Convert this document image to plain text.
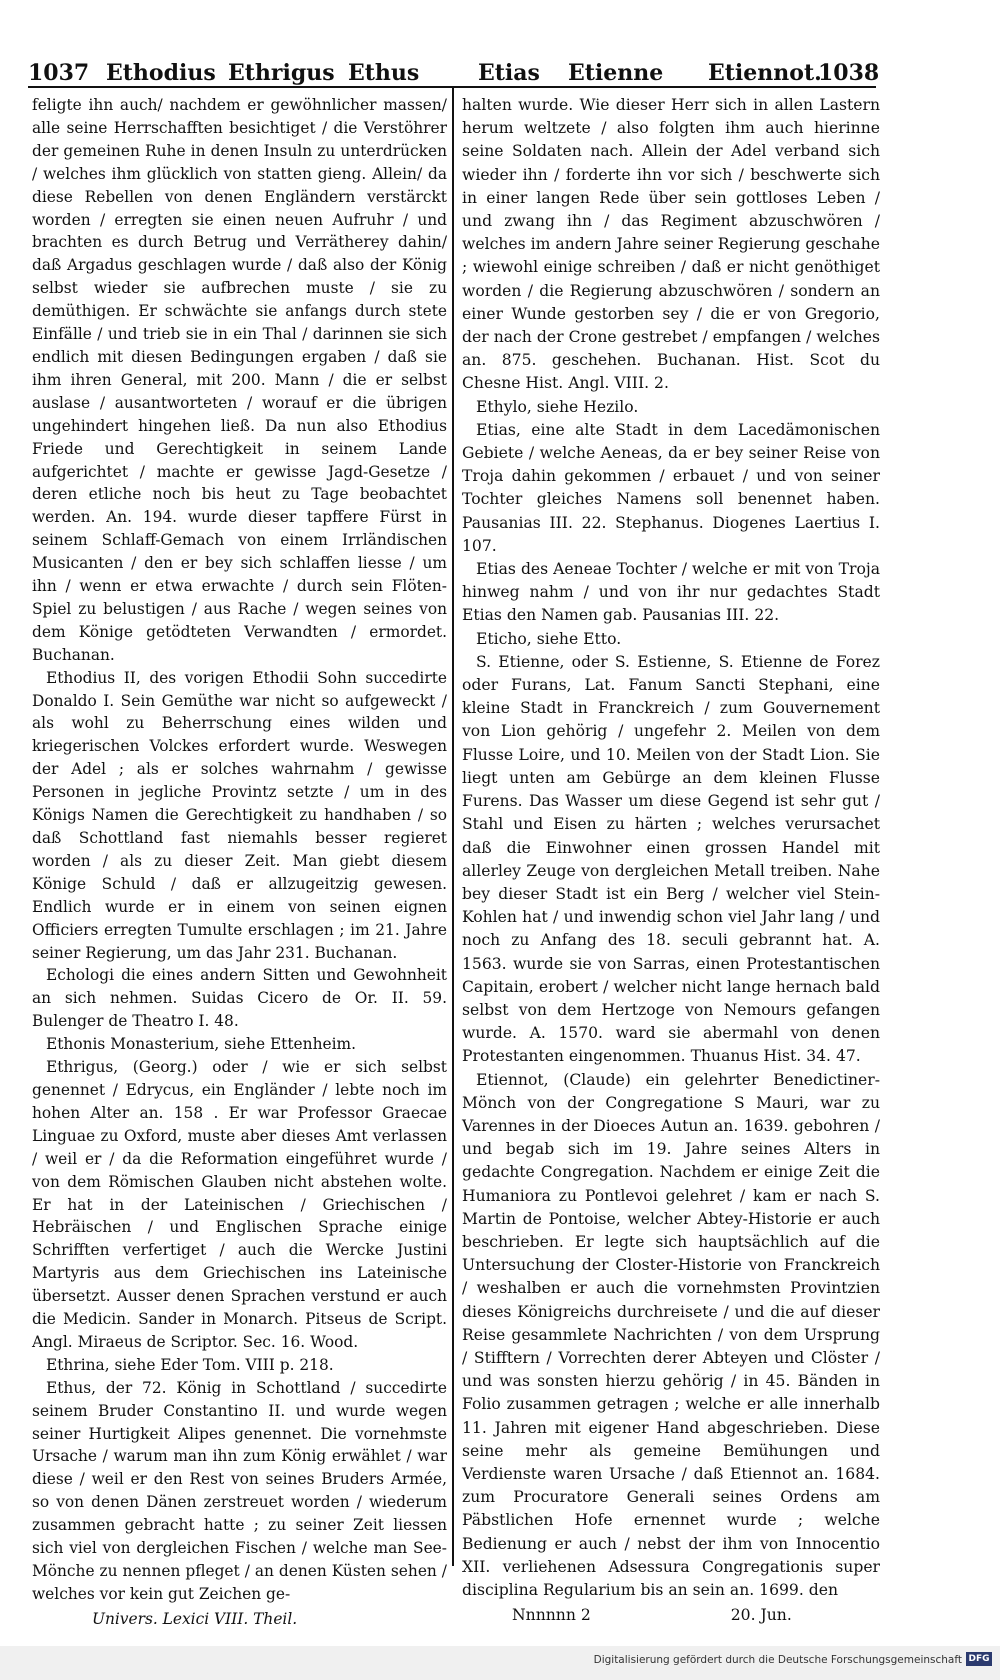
1037 Ethodius Ethrigus Ethus	Etias Etienne Etiennot.
1038

feligte ihn auch/ nachdem er gewöhnlicher massen/ alle seine Herrschafften besichtiget / die Verstöhrer der gemeinen Ruhe in denen Insuln zu unterdrücken / welches ihm glücklich von statten gieng. Allein/ da diese Rebellen von denen Engländern verstärckt worden / erregten sie einen neuen Aufruhr / und brachten es durch Betrug und Verrätherey dahin/ daß Argadus geschlagen wurde / daß also der König selbst wieder sie aufbrechen muste / sie zu demüthigen. Er schwächte sie anfangs durch stete Einfälle / und trieb sie in ein Thal / darinnen sie sich endlich mit diesen Bedingungen ergaben / daß sie ihm ihren General, mit 200. Mann / die er selbst auslase / ausantworteten / worauf er die übrigen ungehindert hingehen ließ. Da nun also Ethodius Friede und Gerechtigkeit in seinem Lande aufgerichtet / machte er gewisse Jagd-Gesetze / deren etliche noch bis heut zu Tage beobachtet werden. An. 194. wurde dieser tapffere Fürst in seinem Schlaff-Gemach von einem Irrländischen Musicanten / den er bey sich schlaffen liesse / um ihn / wenn er etwa erwachte / durch sein Flöten-Spiel zu belustigen / aus Rache / wegen seines von dem Könige getödteten Verwandten / ermordet. Buchanan.

Ethodius II, des vorigen Ethodii Sohn succedirte Donaldo I. Sein Gemüthe war nicht so aufgeweckt / als wohl zu Beherrschung eines wilden und kriegerischen Volckes erfordert wurde. Weswegen der Adel ; als er solches wahrnahm / gewisse Personen in jegliche Provintz setzte / um in des Königs Namen die Gerechtigkeit zu handhaben / so daß Schottland fast niemahls besser regieret worden / als zu dieser Zeit. Man giebt diesem Könige Schuld / daß er allzugeitzig gewesen. Endlich wurde er in einem von seinen eignen Officiers erregten Tumulte erschlagen ; im 21. Jahre seiner Regierung, um das Jahr 231. Buchanan.

Echologi die eines andern Sitten und Gewohnheit an sich nehmen. Suidas Cicero de Or. II. 59. Bulenger de Theatro I. 48.

Ethonis Monasterium, siehe Ettenheim.

Ethrigus, (Georg.) oder / wie er sich selbst genennet / Edrycus, ein Engländer / lebte noch im hohen Alter an. 158 . Er war Professor Graecae Linguae zu Oxford, muste aber dieses Amt verlassen / weil er / da die Reformation eingeführet wurde / von dem Römischen Glauben nicht abstehen wolte. Er hat in der Lateinischen / Griechischen / Hebräischen / und Englischen Sprache einige Schrifften verfertiget / auch die Wercke Justini Martyris aus dem Griechischen ins Lateinische übersetzt. Ausser denen Sprachen verstund er auch die Medicin. Sander in Monarch. Pitseus de Script. Angl. Miraeus de Scriptor. Sec. 16. Wood.

Ethrina, siehe Eder Tom. VIII p. 218.

Ethus, der 72. König in Schottland / succedirte seinem Bruder Constantino II. und wurde wegen seiner Hurtigkeit Alipes genennet. Die vornehmste Ursache / warum man ihn zum König erwählet / war diese / weil er den Rest von seines Bruders Armée, so von denen Dänen zerstreuet worden / wiederum zusammen gebracht hatte ; zu seiner Zeit liessen sich viel von dergleichen Fischen / welche man See-Mönche zu nennen pfleget / an denen Küsten sehen / welches vor kein gut Zeichen ge-

Univers. Lexici VIII. Theil.

halten wurde. Wie dieser Herr sich in allen Lastern herum weltzete / also folgten ihm auch hierinne seine Soldaten nach. Allein der Adel verband sich wieder ihn / forderte ihn vor sich / beschwerte sich in einer langen Rede über sein gottloses Leben / und zwang ihn / das Regiment abzuschwören / welches im andern Jahre seiner Regierung geschahe ; wiewohl einige schreiben / daß er nicht genöthiget worden / die Regierung abzuschwören / sondern an einer Wunde gestorben sey / die er von Gregorio, der nach der Crone gestrebet / empfangen / welches an. 875. geschehen. Buchanan. Hist. Scot du Chesne Hist. Angl. VIII. 2.

Ethylo, siehe Hezilo.

Etias, eine alte Stadt in dem Lacedämonischen Gebiete / welche Aeneas, da er bey seiner Reise von Troja dahin gekommen / erbauet / und von seiner Tochter gleiches Namens soll benennet haben. Pausanias III. 22. Stephanus. Diogenes Laertius I. 107.

Etias des Aeneae Tochter / welche er mit von Troja hinweg nahm / und von ihr nur gedachtes Stadt Etias den Namen gab. Pausanias III. 22.

Eticho, siehe Etto.

S. Etienne, oder S. Estienne, S. Etienne de Forez oder Furans, Lat. Fanum Sancti Stephani, eine kleine Stadt in Franckreich / zum Gouvernement von Lion gehörig / ungefehr 2. Meilen von dem Flusse Loire, und 10. Meilen von der Stadt Lion. Sie liegt unten am Gebürge an dem kleinen Flusse Furens. Das Wasser um diese Gegend ist sehr gut / Stahl und Eisen zu härten ; welches verursachet daß die Einwohner einen grossen Handel mit allerley Zeuge von dergleichen Metall treiben. Nahe bey dieser Stadt ist ein Berg / welcher viel Stein-Kohlen hat / und inwendig schon viel Jahr lang / und noch zu Anfang des 18. seculi gebrannt hat. A. 1563. wurde sie von Sarras, einen Protestantischen Capitain, erobert / welcher nicht lange hernach bald selbst von dem Hertzoge von Nemours gefangen wurde. A. 1570. ward sie abermahl von denen Protestanten eingenommen. Thuanus Hist. 34. 47.

Etiennot, (Claude) ein gelehrter Benedictiner-Mönch von der Congregatione S Mauri, war zu Varennes in der Dioeces Autun an. 1639. gebohren / und begab sich im 19. Jahre seines Alters in gedachte Congregation. Nachdem er einige Zeit die Humaniora zu Pontlevoi gelehret / kam er nach S. Martin de Pontoise, welcher Abtey-Historie er auch beschrieben. Er legte sich hauptsächlich auf die Untersuchung der Closter-Historie von Franckreich / weshalben er auch die vornehmsten Provintzien dieses Königreichs durchreisete / und die auf dieser Reise gesammlete Nachrichten / von dem Ursprung / Stifftern / Vorrechten derer Abteyen und Clöster / und was sonsten hierzu gehörig / in 45. Bänden in Folio zusammen getragen ; welche er alle innerhalb 11. Jahren mit eigener Hand abgeschrieben. Diese seine mehr als gemeine Bemühungen und Verdienste waren Ursache / daß Etiennot an. 1684. zum Procuratore Generali seines Ordens am Päbstlichen Hofe ernennet wurde ; welche Bedienung er auch / nebst der ihm von Innocentio XII. verliehenen Adsessura Congregationis super disciplina Regularium bis an sein an. 1699. den

Nnnnnn 2	20. Jun.

Digitalisierung gefördert durch die Deutsche Forschungsgemeinschaft DFG
